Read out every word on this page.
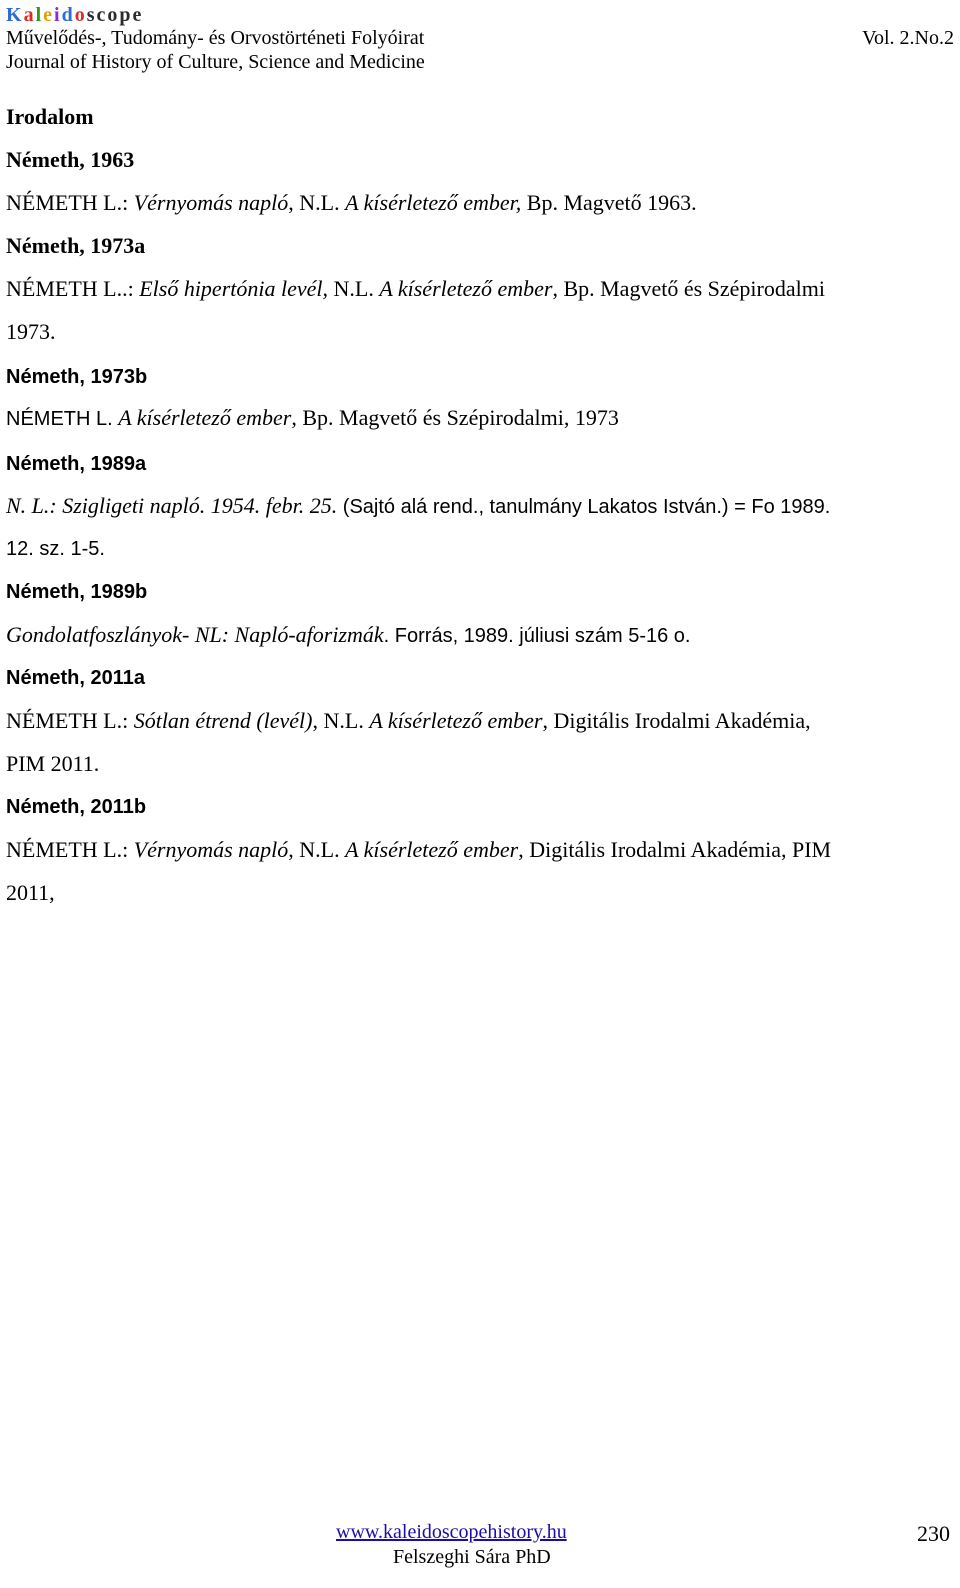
Kaleidoscope
Művelődés-, Tudomány- és Orvostörténeti Folyóirat	Vol. 2.No.2
Journal of History of Culture, Science and Medicine
Irodalom
Németh, 1963
NÉMETH L.: Vérnyomás napló, N.L. A kísérletező ember, Bp. Magvető 1963.
Németh, 1973a
NÉMETH L..: Első hipertónia levél, N.L. A kísérletező ember, Bp. Magvető és Szépirodalmi
1973.
Németh, 1973b
NÉMETH L. A kísérletező ember, Bp. Magvető és Szépirodalmi, 1973
Németh, 1989a
N. L.: Szigligeti napló. 1954. febr. 25. (Sajtó alá rend., tanulmány Lakatos István.) = Fo 1989.
12. sz. 1-5.
Németh, 1989b
Gondolatfoszlányok- NL: Napló-aforizmák. Forrás, 1989. júliusi szám 5-16 o.
Németh, 2011a
NÉMETH L.: Sótlan étrend (levél), N.L. A kísérletező ember, Digitális Irodalmi Akadémia,
PIM 2011.
Németh, 2011b
NÉMETH L.: Vérnyomás napló, N.L. A kísérletező ember, Digitális Irodalmi Akadémia, PIM
2011,
www.kaleidoscopehistory.hu
Felszeghi Sára PhD
230
